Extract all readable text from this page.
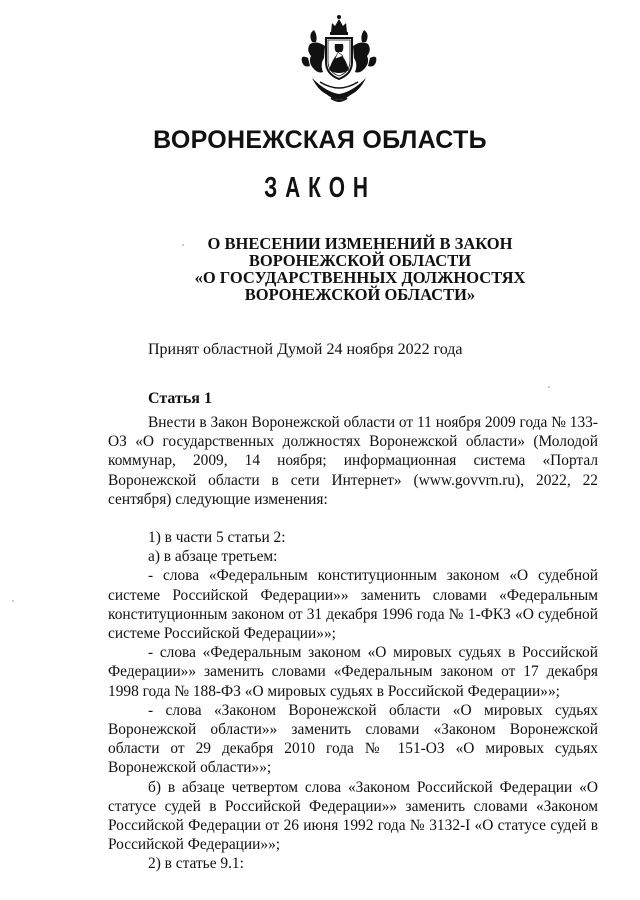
ВОРОНЕЖСКАЯ ОБЛАСТЬ
ЗАКОН
О ВНЕСЕНИИ ИЗМЕНЕНИЙ В ЗАКОН
ВОРОНЕЖСКОЙ ОБЛАСТИ
«О ГОСУДАРСТВЕННЫХ ДОЛЖНОСТЯХ
ВОРОНЕЖСКОЙ ОБЛАСТИ»
Принят областной Думой 24 ноября 2022 года
Статья 1

Внести в Закон Воронежской области от 11 ноября 2009 года № 133-ОЗ «О государственных должностях Воронежской области» (Молодой коммунар, 2009, 14 ноября; информационная система «Портал Воронежской области в сети Интернет» (www.govvrn.ru), 2022, 22 сентября) следующие изменения:

1) в части 5 статьи 2:

а) в абзаце третьем:

- слова «Федеральным конституционным законом «О судебной системе Российской Федерации»» заменить словами «Федеральным конституционным законом от 31 декабря 1996 года № 1-ФКЗ «О судебной системе Российской Федерации»»;

- слова «Федеральным законом «О мировых судьях в Российской Федерации»» заменить словами «Федеральным законом от 17 декабря 1998 года № 188-ФЗ «О мировых судьях в Российской Федерации»»;

- слова «Законом Воронежской области «О мировых судьях Воронежской области»» заменить словами «Законом Воронежской области от 29 декабря 2010 года № 151-ОЗ «О мировых судьях Воронежской области»»;

б) в абзаце четвертом слова «Законом Российской Федерации «О статусе судей в Российской Федерации»» заменить словами «Законом Российской Федерации от 26 июня 1992 года № 3132-I «О статусе судей в Российской Федерации»»;

2) в статье 9.1:
